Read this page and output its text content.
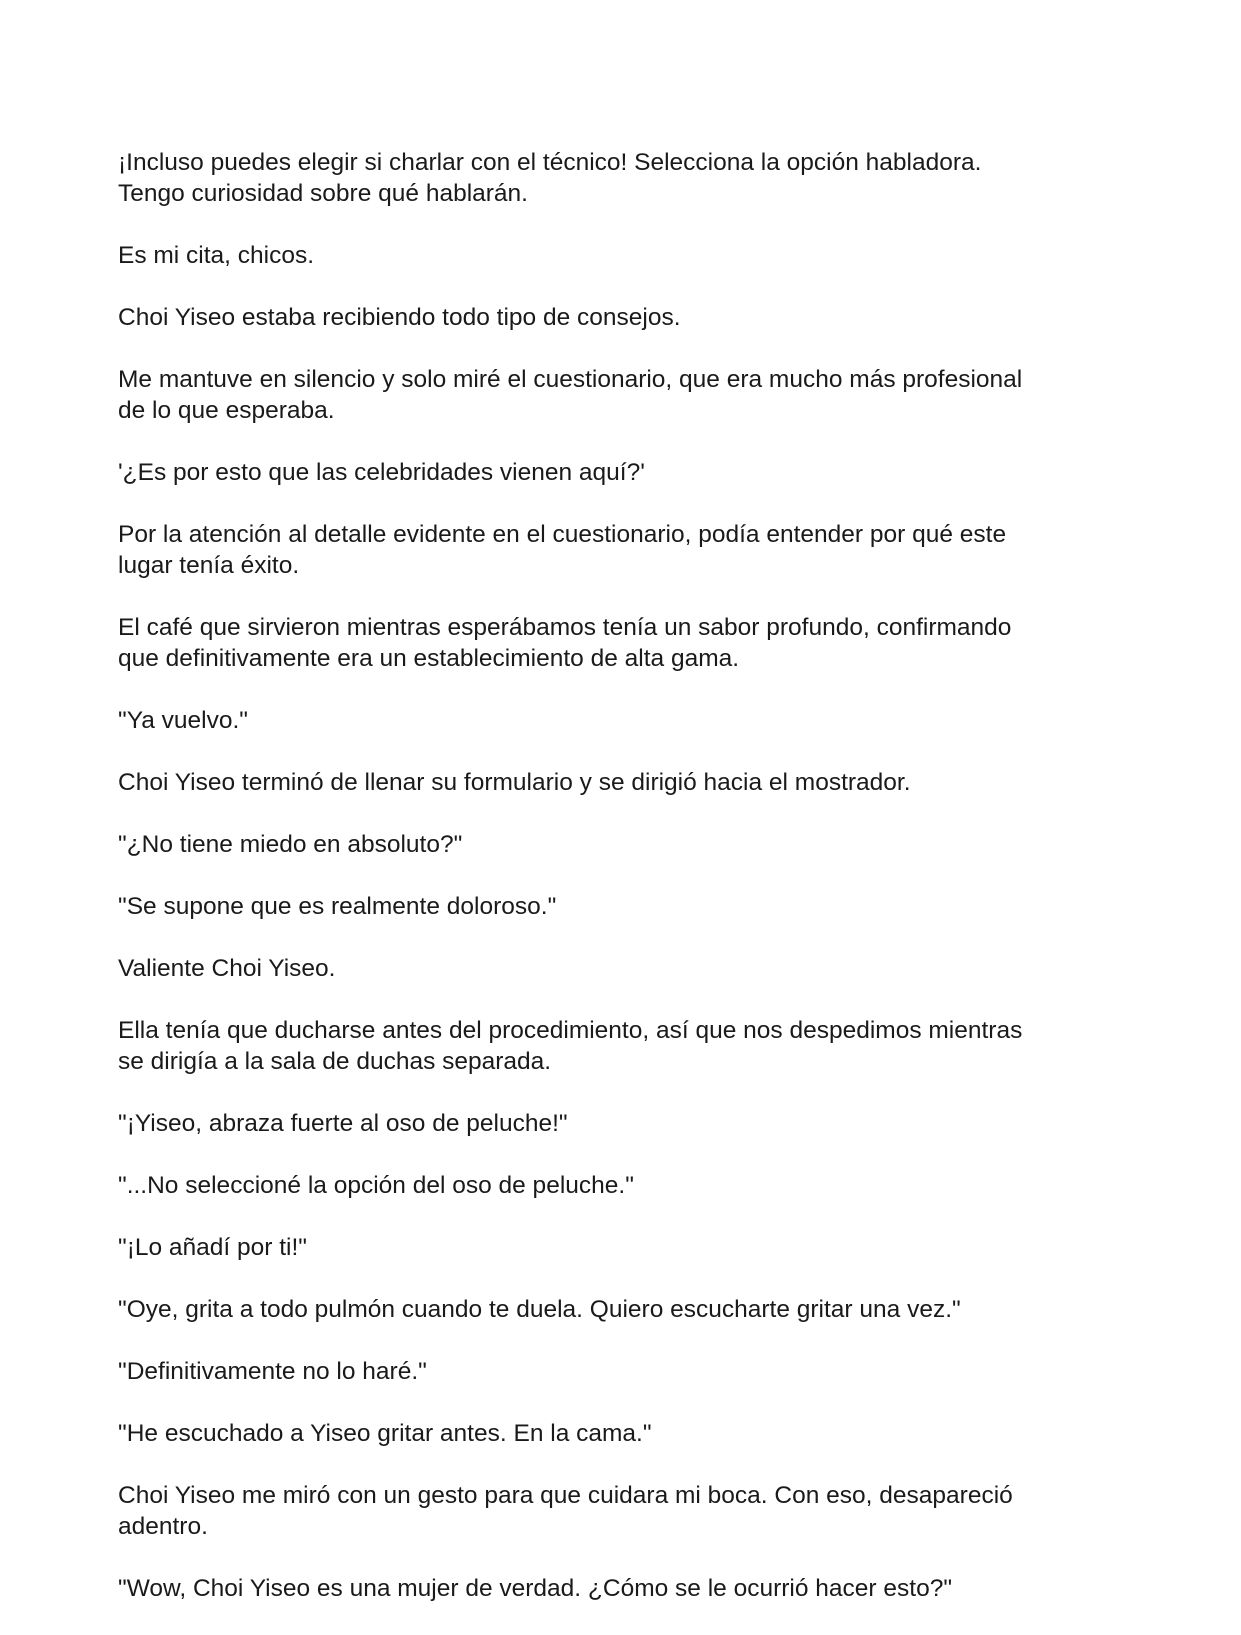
¡Incluso puedes elegir si charlar con el técnico! Selecciona la opción habladora.
Tengo curiosidad sobre qué hablarán.

Es mi cita, chicos.

Choi Yiseo estaba recibiendo todo tipo de consejos.

Me mantuve en silencio y solo miré el cuestionario, que era mucho más profesional
de lo que esperaba.

'¿Es por esto que las celebridades vienen aquí?'

Por la atención al detalle evidente en el cuestionario, podía entender por qué este
lugar tenía éxito.

El café que sirvieron mientras esperábamos tenía un sabor profundo, confirmando
que definitivamente era un establecimiento de alta gama.

"Ya vuelvo."

Choi Yiseo terminó de llenar su formulario y se dirigió hacia el mostrador.

"¿No tiene miedo en absoluto?"

"Se supone que es realmente doloroso."

Valiente Choi Yiseo.

Ella tenía que ducharse antes del procedimiento, así que nos despedimos mientras
se dirigía a la sala de duchas separada.

"¡Yiseo, abraza fuerte al oso de peluche!"

"...No seleccioné la opción del oso de peluche."

"¡Lo añadí por ti!"

"Oye, grita a todo pulmón cuando te duela. Quiero escucharte gritar una vez."

"Definitivamente no lo haré."

"He escuchado a Yiseo gritar antes. En la cama."

Choi Yiseo me miró con un gesto para que cuidara mi boca. Con eso, desapareció
adentro.

"Wow, Choi Yiseo es una mujer de verdad. ¿Cómo se le ocurrió hacer esto?"
